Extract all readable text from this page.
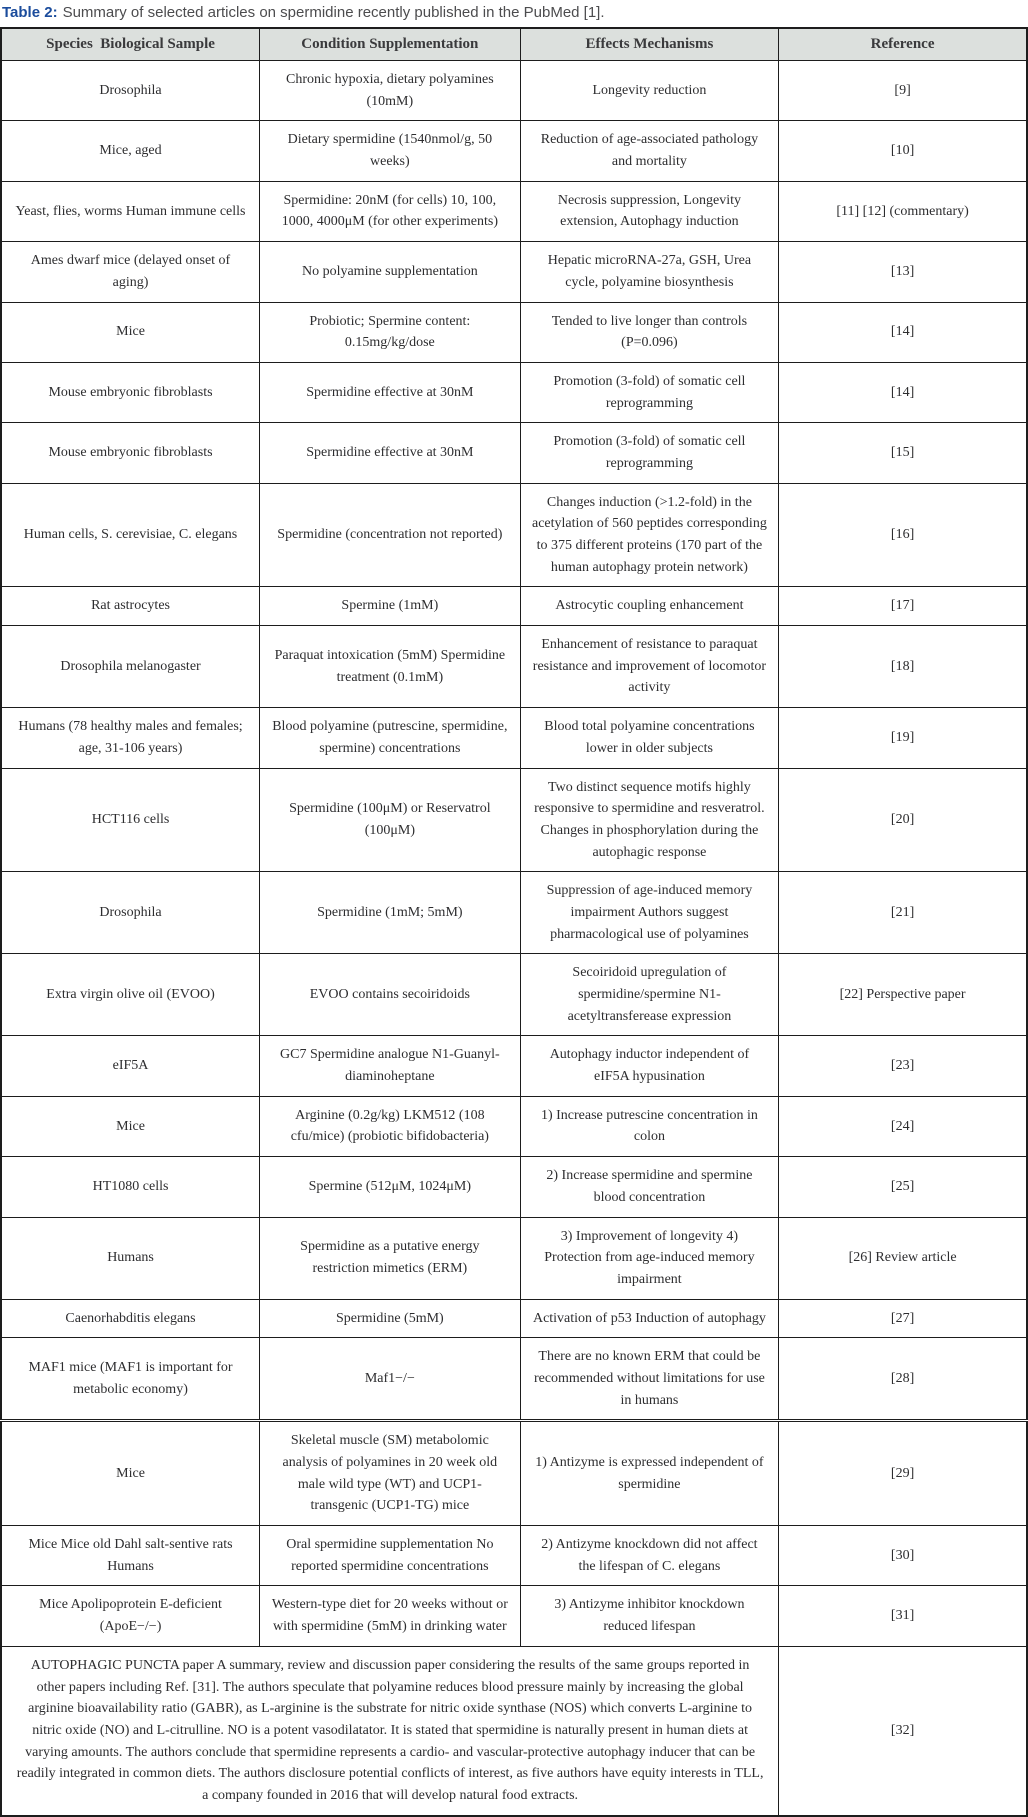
Table 2: Summary of selected articles on spermidine recently published in the PubMed [1].

Species  Biological Sample	Condition Supplementation	Effects Mechanisms	Reference
Drosophila	Chronic hypoxia, dietary polyamines (10mM)	Longevity reduction	[9]
Mice, aged	Dietary spermidine (1540nmol/g, 50 weeks)	Reduction of age-associated pathology and mortality	[10]
Yeast, flies, worms Human immune cells	Spermidine: 20nM (for cells) 10, 100, 1000, 4000μM (for other experiments)	Necrosis suppression, Longevity extension, Autophagy induction	[11] [12] (commentary)
Ames dwarf mice (delayed onset of aging)	No polyamine supplementation	Hepatic microRNA-27a, GSH, Urea cycle, polyamine biosynthesis	[13]
Mice	Probiotic; Spermine content: 0.15mg/kg/dose	Tended to live longer than controls (P=0.096)	[14]
Mouse embryonic fibroblasts	Spermidine effective at 30nM	Promotion (3-fold) of somatic cell reprogramming	[14]
Mouse embryonic fibroblasts	Spermidine effective at 30nM	Promotion (3-fold) of somatic cell reprogramming	[15]
Human cells, S. cerevisiae, C. elegans	Spermidine (concentration not reported)	Changes induction (>1.2-fold) in the acetylation of 560 peptides corresponding to 375 different proteins (170 part of the human autophagy protein network)	[16]
Rat astrocytes	Spermine (1mM)	Astrocytic coupling enhancement	[17]
Drosophila melanogaster	Paraquat intoxication (5mM) Spermidine treatment (0.1mM)	Enhancement of resistance to paraquat resistance and improvement of locomotor activity	[18]
Humans (78 healthy males and females; age, 31-106 years)	Blood polyamine (putrescine, spermidine, spermine) concentrations	Blood total polyamine concentrations lower in older subjects	[19]
HCT116 cells	Spermidine (100μM) or Reservatrol (100μM)	Two distinct sequence motifs highly responsive to spermidine and resveratrol. Changes in phosphorylation during the autophagic response	[20]
Drosophila	Spermidine (1mM; 5mM)	Suppression of age-induced memory impairment Authors suggest pharmacological use of polyamines	[21]
Extra virgin olive oil (EVOO)	EVOO contains secoiridoids	Secoiridoid upregulation of spermidine/spermine N1-acetyltransferease expression	[22] Perspective paper
eIF5A	GC7 Spermidine analogue N1-Guanyl-diaminoheptane	Autophagy inductor independent of eIF5A hypusination	[23]
Mice	Arginine (0.2g/kg) LKM512 (108 cfu/mice) (probiotic bifidobacteria)	1) Increase putrescine concentration in colon	[24]
HT1080 cells	Spermine (512μM, 1024μM)	2) Increase spermidine and spermine blood concentration	[25]
Humans	Spermidine as a putative energy restriction mimetics (ERM)	3) Improvement of longevity 4) Protection from age-induced memory impairment	[26] Review article
Caenorhabditis elegans	Spermidine (5mM)	Activation of p53 Induction of autophagy	[27]
MAF1 mice (MAF1 is important for metabolic economy)	Maf1−/−	There are no known ERM that could be recommended without limitations for use in humans	[28]
Mice	Skeletal muscle (SM) metabolomic analysis of polyamines in 20 week old male wild type (WT) and UCP1-transgenic (UCP1-TG) mice	1) Antizyme is expressed independent of spermidine	[29]
Mice Mice old Dahl salt-sentive rats Humans	Oral spermidine supplementation No reported spermidine concentrations	2) Antizyme knockdown did not affect the lifespan of C. elegans	[30]
Mice Apolipoprotein E-deficient (ApoE−/−)	Western-type diet for 20 weeks without or with spermidine (5mM) in drinking water	3) Antizyme inhibitor knockdown reduced lifespan	[31]
AUTOPHAGIC PUNCTA paper A summary, review and discussion paper considering the results of the same groups reported in other papers including Ref. [31]. The authors speculate that polyamine reduces blood pressure mainly by increasing the global arginine bioavailability ratio (GABR), as L-arginine is the substrate for nitric oxide synthase (NOS) which converts L-arginine to nitric oxide (NO) and L-citrulline. NO is a potent vasodilatator. It is stated that spermidine is naturally present in human diets at varying amounts. The authors conclude that spermidine represents a cardio- and vascular-protective autophagy inducer that can be readily integrated in common diets. The authors disclosure potential conflicts of interest, as five authors have equity interests in TLL, a company founded in 2016 that will develop natural food extracts.			[32]
